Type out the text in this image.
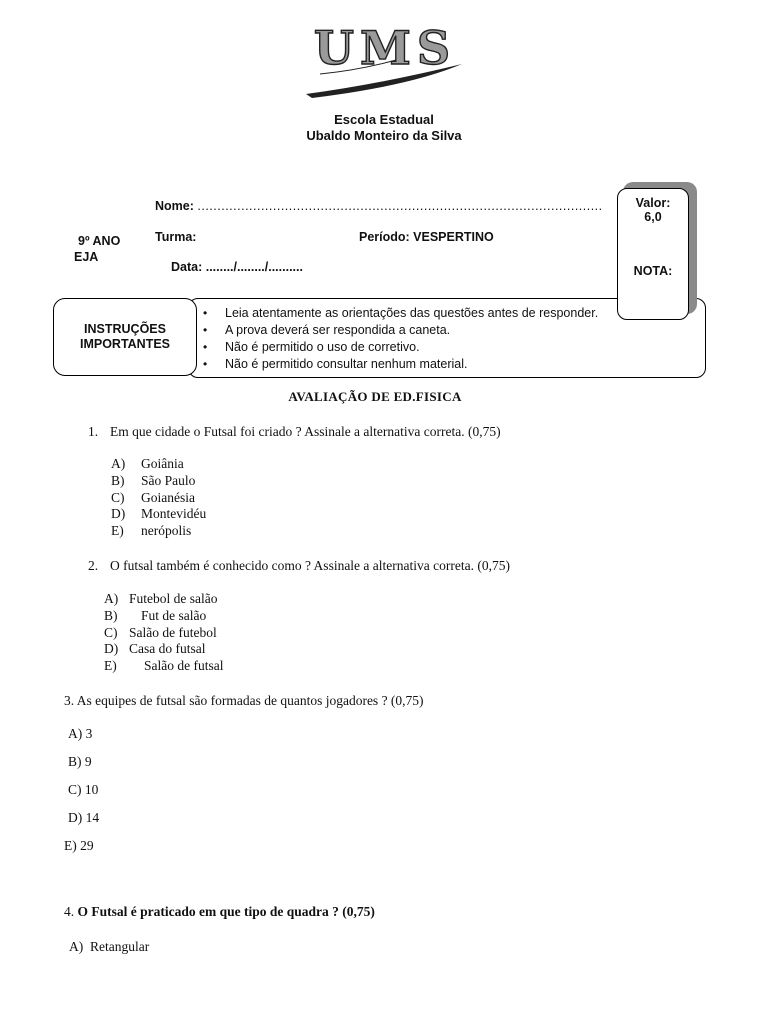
UMS
Escola Estadual
Ubaldo Monteiro da Silva
9º ANO
EJA
Nome: ......................................................................................................
Turma:	Período: VESPERTINO
Data: ......../......../..........
• Leia atentamente as orientações das questões antes de responder.
• A prova deverá ser respondida a caneta.
• Não é permitido o uso de corretivo.
• Não é permitido consultar nenhum material.
INSTRUÇÕES
IMPORTANTES
Valor:
6,0
NOTA:
AVALIAÇÃO DE ED.FISICA
1. Em que cidade o Futsal foi criado ? Assinale a alternativa correta. (0,75)
A) Goiânia
B) São Paulo
C) Goianésia
D) Montevidéu
E) nerópolis
2. O futsal também é conhecido como ? Assinale a alternativa correta. (0,75)
A) Futebol de salão
B) Fut de salão
C) Salão de futebol
D) Casa do futsal
E) Salão de futsal
3. As equipes de futsal são formadas de quantos jogadores ? (0,75)
A) 3
B) 9
C) 10
D) 14
E) 29
4. O Futsal é praticado em que tipo de quadra ? (0,75)
A) Retangular
